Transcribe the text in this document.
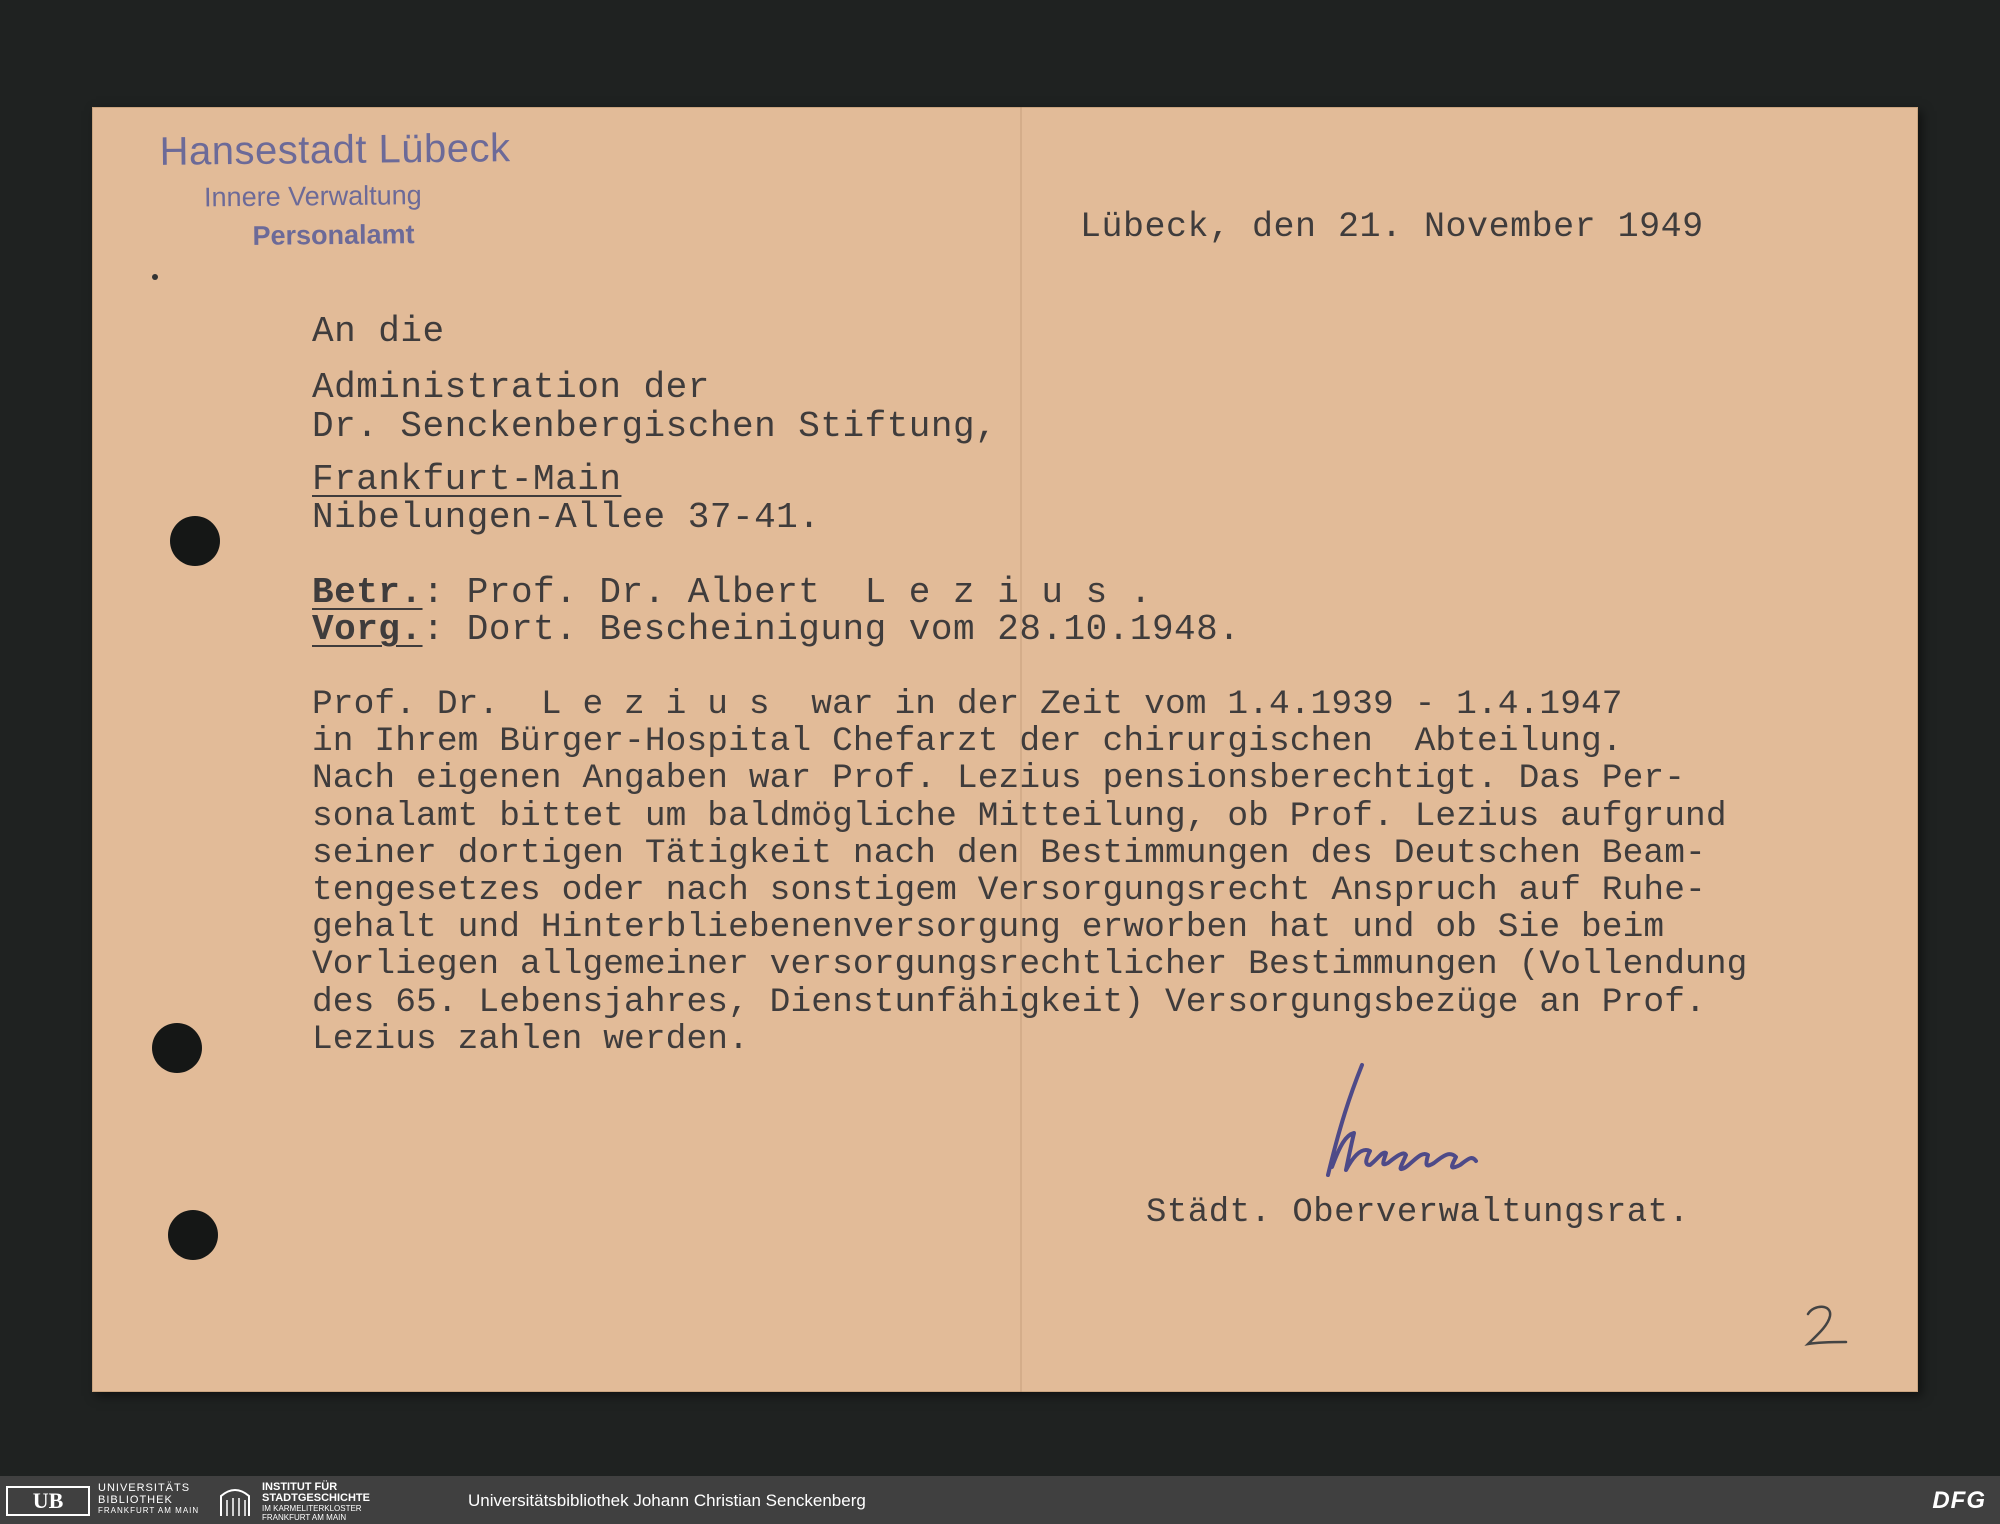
Hansestadt Lübeck
Innere Verwaltung
Personalamt	Lübeck, den 21. November 1949
An die
Administration der
Dr. Senckenbergischen Stiftung,
Frankfurt-Main
Nibelungen-Allee 37-41.
Betr.: Prof. Dr. Albert  L e z i u s .
Vorg.: Dort. Bescheinigung vom 28.10.1948.
Prof. Dr.  L e z i u s  war in der Zeit vom 1.4.1939 - 1.4.1947
in Ihrem Bürger-Hospital Chefarzt der chirurgischen  Abteilung.
Nach eigenen Angaben war Prof. Lezius pensionsberechtigt. Das Per-
sonalamt bittet um baldmögliche Mitteilung, ob Prof. Lezius aufgrund
seiner dortigen Tätigkeit nach den Bestimmungen des Deutschen Beam-
tengesetzes oder nach sonstigem Versorgungsrecht Anspruch auf Ruhe-
gehalt und Hinterbliebenenversorgung erworben hat und ob Sie beim
Vorliegen allgemeiner versorgungsrechtlicher Bestimmungen (Vollendung
des 65. Lebensjahres, Dienstunfähigkeit) Versorgungsbezüge an Prof.
Lezius zahlen werden.
Städt. Oberverwaltungsrat.
UB	UNIVERSITÄTS
BIBLIOTHEK
FRANKFURT AM MAIN
INSTITUT FÜR
STADTGESCHICHTE
IM KARMELITERKLOSTER
FRANKFURT AM MAIN
Universitätsbibliothek Johann Christian Senckenberg	DFG
